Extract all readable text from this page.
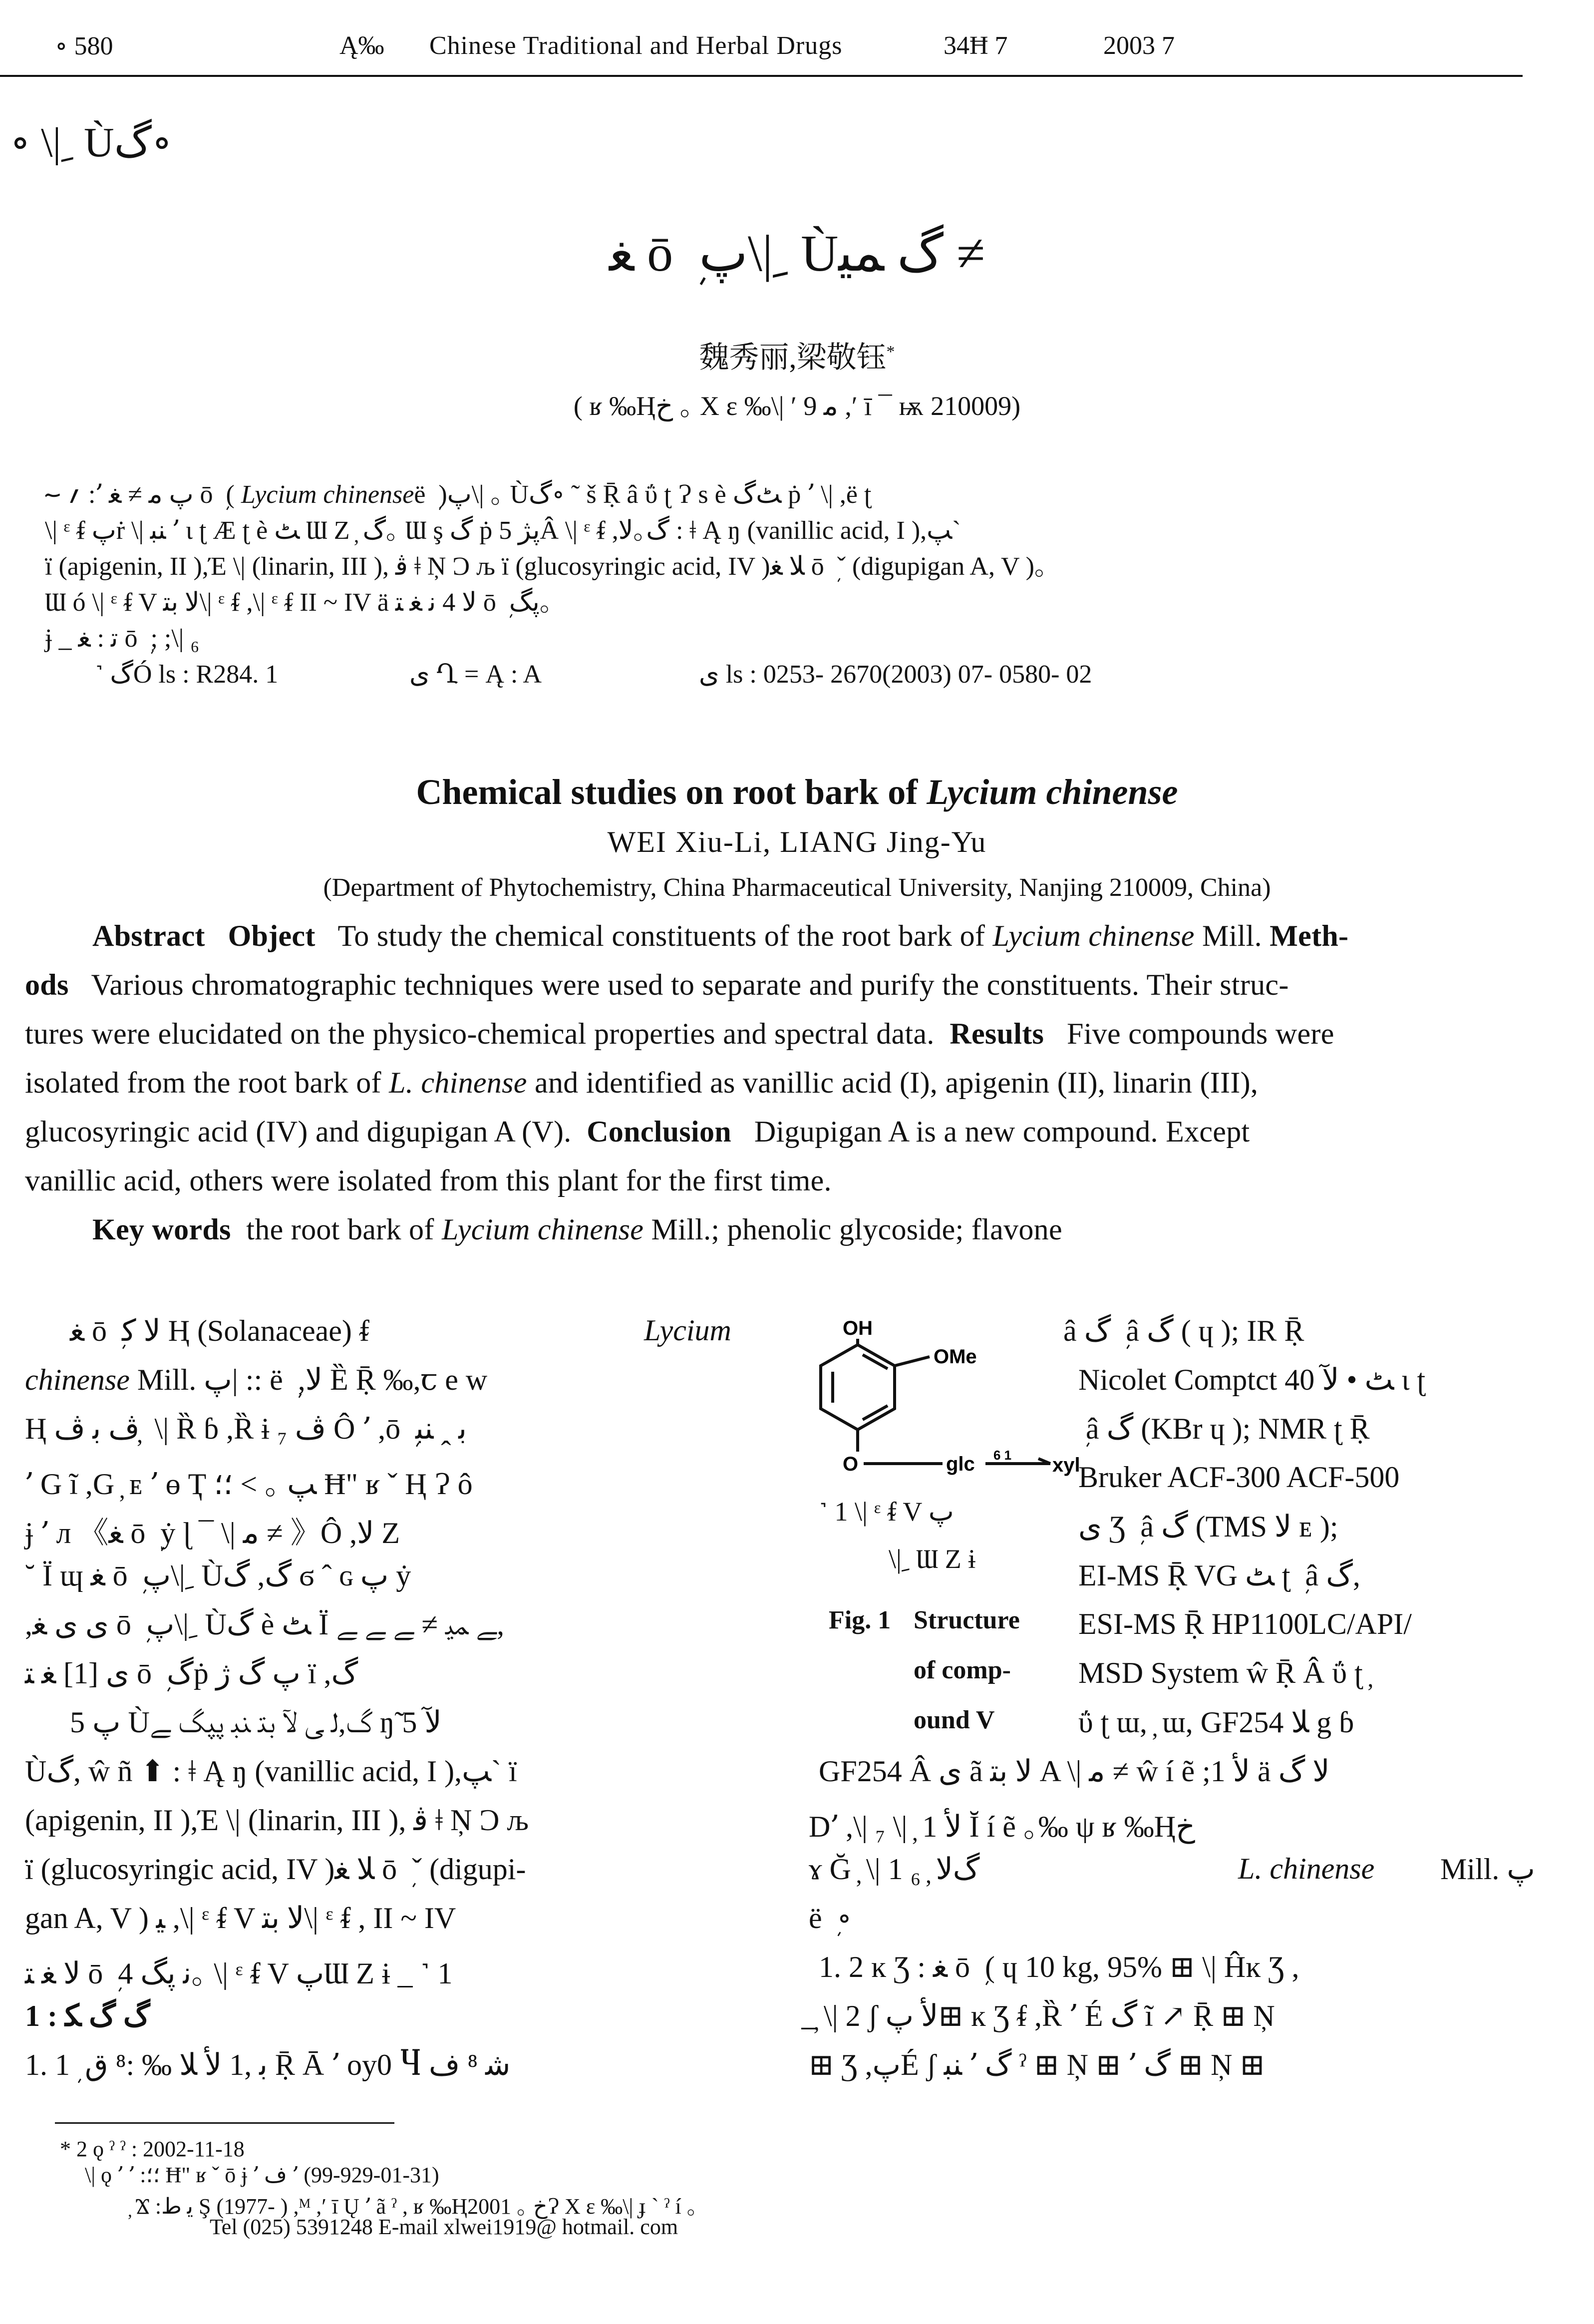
∘ 580	Ą‰ Chinese Traditional and Herbal Drugs	34Ħ 7	2003 7
∘ \| ِ Ùگ∘
ﻐ ō ܼ پ\| ِ Ùگ ﻤﯿ ≠
魏秀丽,梁敬钰*
( ʁ ‰Ⱨخ ｡ X ε ‰\| ′ ﻣ 9 ,′ ī ¯ ѭ 210009)
؍ ؅ :՚ پ ﻣ ≠ ﻐ ō ܼ ( Lycium chinenseë ܼ )پ\| ｡ Ùگ∘ ˜ š Ṝ â ΰ ʈ Ɂ s è ﭧگ ṗ ՚ \| ,ë ʈ
\| ᵋ ᵮ پṙ \| ﻨﺒ ՚ ɩ ʈ Æ ʈ è ﭧ Ɯ Z ̦ گ｡ Ɯ ş گ ṗ پژ 5Â \| ᵋ ᵮ ,گ｡ﻻ : ǂ Ą ŋ (vanillic acid, I ),ﭗ`
ï (apigenin, II ),Έ \| (linarin, III ), ﭬ ǂ Ņ Ɔ љ ï (glucosyringic acid, IV )ﻼ ﻐ ō ܼ ˇ (digupigan A, V )｡
Ɯ ó \| ᵋ ᵮ V ﻻ ﺑﺘ\| ᵋ ᵮ ,\| ᵋ ᵮ II ~ IV ä ﻻ 4 ﻧ ﻐ ﺘ ō ܼ پگ｡
ɉ _ ﺗ : ﻐ ō ܼ ; ;\| ₆
˺ گÓ ls : R284. 1	ﯼ Ղ = Ą : A	ﯼ ls : 0253- 2670(2003) 07- 0580- 02
Chemical studies on root bark of Lycium chinense
WEI Xiu-Li, LIANG Jing-Yu
(Department of Phytochemistry, China Pharmaceutical University, Nanjing 210009, China)
Abstract Object To study the chemical constituents of the root bark of Lycium chinense Mill. Meth-
ods Various chromatographic techniques were used to separate and purify the constituents. Their struc-
tures were elucidated on the physico-chemical properties and spectral data. Results Five compounds were
isolated from the root bark of L. chinense and identified as vanillic acid (I), apigenin (II), linarin (III),
glucosyringic acid (IV) and digupigan A (V). Conclusion Digupigan A is a new compound. Except
vanillic acid, others were isolated from this plant for the first time.
Key words the root bark of Lycium chinense Mill.; phenolic glycoside; flavone
ﻐ ō ܼ ﻻ ﮐ Ⱨ (Solanaceae) ᵮ	Lycium
chinense Mill. پ| :: ë ܼ ,ﻻ Ȅ Ṝ ‰,ꞇ e w
Ⱨ ﭪ ﺑ ﭪ ̦ \| Ȑ ɓ ,Ȑ ɨ ₇ ﭪ Ô ՚ ,ō ܼ ﺑ ꞈ ﻨﺒ
՚ G ĩ ,G ̦ ᴇ ՚ ɵ Ҭ ﭗ ｡ > ؛؛ Ħ" ʁ ˇ Ⱨ Ɂ ô
ɉ ՚ л 《ﻐ ō ܼ ẏ ɭ ¯ \| ﻣ ≠ 》Ô ,ﻻ Z
˘ Ϊ ɰ ﻐ ō ܼ پ\| ِ Ùگ, گ ϭ ˆ ɢ پ ẏ
,ﯼ ﯼ ﻐ ō ܼ پ\| ِ Ùگ è ﭧ Ϊ ﮯ ﻤﯿ ≠ ﮯ ﮯ ﮯ,
ﯼ [1] ﻐ ﺘ ō ܼ گṗ پ گ ژ ï ,گ
ﭖ 5 Ùگ,ﻟ ﯽ ﻵ ﺑﺘ ﻨﺒ پپگ ﮯ ŋ̃ ﻵ 5
Ùگ, ŵ ñ ⬆ : ǂ Ą ŋ (vanillic acid, I ),ﭗ` ï
(apigenin, II ),Έ \| (linarin, III ), ﭬ ǂ Ņ Ɔ љ
ï (glucosyringic acid, IV )ﻼ ﻐ ō ܼ ˇ (digupi-
gan A, V ) ﯿ ,\| ᵋ ᵮ V ﻻ ﺑﺘ\| ᵋ ᵮ , II ~ IV
ﻻ ﻐ ﺘ ō ܼ 4 ﻧ پگ｡ \| ᵋ ᵮ V پƜ Z ɨ _ ˺ 1
1 : گ گ ﮑ
1. 1 ܼ ﺑ ,1 ﻷ ﻼ ‰ :⁸ ق Ṝ Ā ՚ oy0 Ⴗ ﺷ ⁸ ﻑ
OH
OMe
O	glc 6 1 xyl
˺ 1 \| ᵋ ᵮ V پ
\| ِ Ɯ Z ɨ
Fig. 1 Structure
of comp-
ound V
â گ ܼ â گ ( ɥ ); IR Ṝ
Nicolet Comptct 40 ﭧ • ﻵ ɩ ʈ
ܼ â گ (KBr ɥ ); NMR ʈ Ṝ
Bruker ACF-300 ACF-500
ﯼ Ʒ ܼ â گ (TMS ﻻ ᴇ );
EI-MS Ṝ VG ﭧ ʈ ܼ â گ,
ESI-MS Ṝ HP1100LC/API/
MSD System ŵ Ṝ Â ΰ ʈ ̦
ΰ ʈ ɯ, ̦ ɯ, GF254 ﻼ g ɓ
GF254 Â ﯼ ã ﻻ ﺑﺘ A \| ﻣ ≠ ŵ í ẽ ;1 ﻷ ä ﻻ گ
D՚ ,\| ₇ \| ̦ 1 ﻷ Ĭ í ẽ ｡‰ ψ ʁ ‰Ⱨخ
ɤ Ğ ̦ \| 1 ₆ ̦ گﻻ	L. chinense Mill. پ
ë ܼ ∘
1. 2 ĸ Ʒ : ﻐ ō ܼ ( ɥ 10 kg, 95% ⊞ \| Ĥĸ Ʒ ,
̲ ̦ \| 2 ʃ ﻷ پ⊞ ĸ Ʒ ᵮ ,Ȑ ՚ É گ ĩ ↗ Ṝ ⊞ Ņ
⊞ Ʒ ,پÉ ʃ ﻨﺒ ՚ گ ˀ ⊞ Ņ ⊞ ՚ گ ⊞ Ņ ⊞
* 2 ǫ ˀ ˀ : 2002-11-18
\| ǫ ՚ ՚ :؛؛ Ħ" ʁ ˇ ō ɉ ՚ ﻑ ՚ (99-929-01-31)
̦ Ϫ :ﻳ ﻁ Ş (1977- ) ,ᴹ ,′ ī Ų ՚ ã ˀ , ʁ ‰Ⱨخ ｡ 2001Ɂ X ε ‰\| ɟ ` ˀ í ｡
Tel (025) 5391248 E-mail xlwei1919@ hotmail. com
